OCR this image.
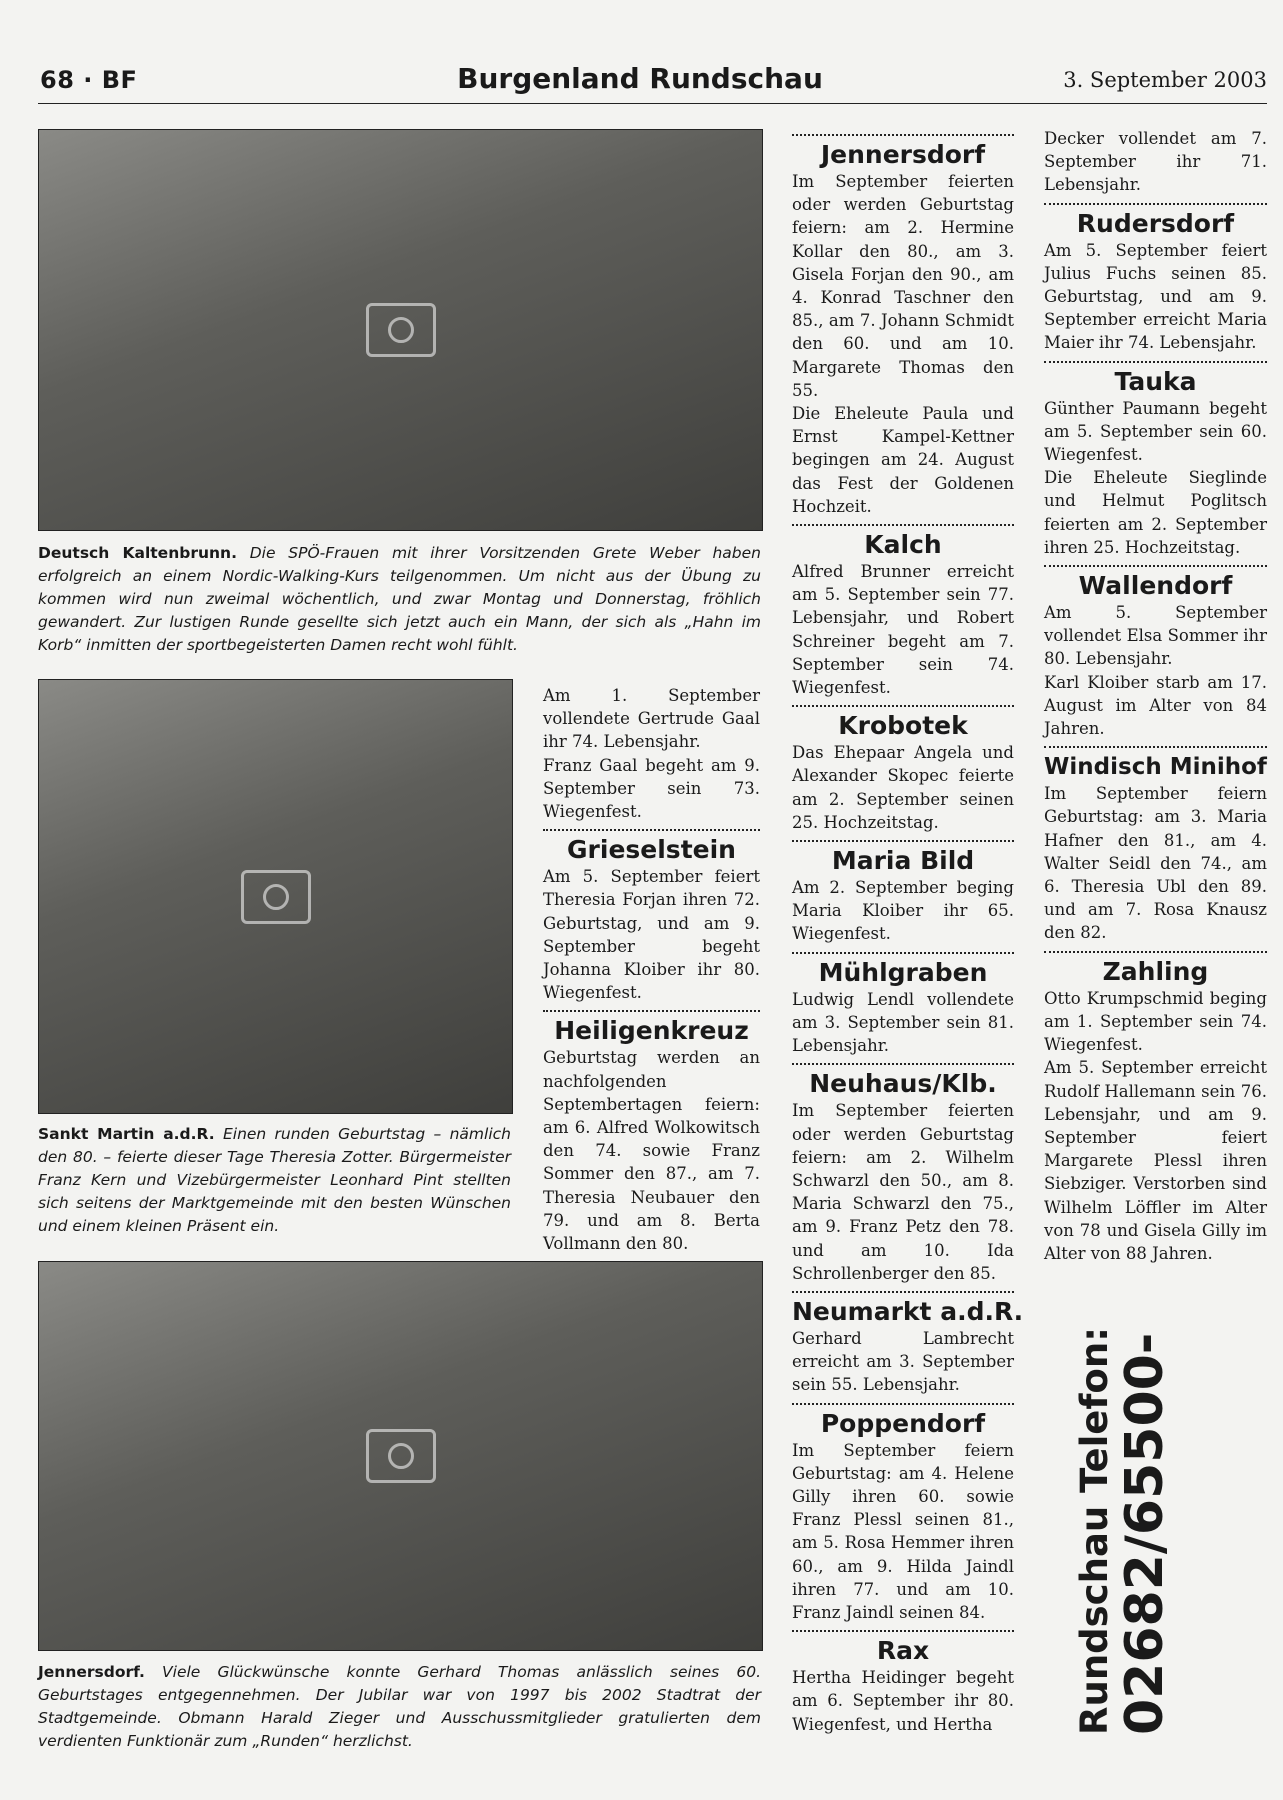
68 · BF	Burgenland Rundschau	3. September 2003
Deutsch Kaltenbrunn. Die SPÖ-Frauen mit ihrer Vorsitzenden Grete Weber haben erfolgreich an einem Nordic-Walking-Kurs teilgenommen. Um nicht aus der Übung zu kommen wird nun zweimal wöchentlich, und zwar Montag und Donnerstag, fröhlich gewandert. Zur lustigen Runde gesellte sich jetzt auch ein Mann, der sich als „Hahn im Korb“ inmitten der sportbegeisterten Damen recht wohl fühlt.
Sankt Martin a.d.R. Einen runden Geburtstag – nämlich den 80. – feierte dieser Tage Theresia Zotter. Bürgermeister Franz Kern und Vizebürgermeister Leonhard Pint stellten sich seitens der Marktgemeinde mit den besten Wünschen und einem kleinen Präsent ein.
Jennersdorf. Viele Glückwünsche konnte Gerhard Thomas anlässlich seines 60. Geburtstages entgegennehmen. Der Jubilar war von 1997 bis 2002 Stadtrat der Stadtgemeinde. Obmann Harald Zieger und Ausschussmitglieder gratulierten dem verdienten Funktionär zum „Runden“ herzlichst.

Am 1. September vollendete Gertrude Gaal ihr 74. Lebensjahr.

Franz Gaal begeht am 9. September sein 73. Wiegenfest.

Grieselstein

Am 5. September feiert Theresia Forjan ihren 72. Geburtstag, und am 9. September begeht Johanna Kloiber ihr 80. Wiegenfest.

Heiligenkreuz

Geburtstag werden an nachfolgenden Septembertagen feiern: am 6. Alfred Wolkowitsch den 74. sowie Franz Sommer den 87., am 7. Theresia Neubauer den 79. und am 8. Berta Vollmann den 80.

Jennersdorf

Im September feierten oder werden Geburtstag feiern: am 2. Hermine Kollar den 80., am 3. Gisela Forjan den 90., am 4. Konrad Taschner den 85., am 7. Johann Schmidt den 60. und am 10. Margarete Thomas den 55.

Die Eheleute Paula und Ernst Kampel-Kettner begingen am 24. August das Fest der Goldenen Hochzeit.

Kalch

Alfred Brunner erreicht am 5. September sein 77. Lebensjahr, und Robert Schreiner begeht am 7. September sein 74. Wiegenfest.

Krobotek

Das Ehepaar Angela und Alexander Skopec feierte am 2. September seinen 25. Hochzeitstag.

Maria Bild

Am 2. September beging Maria Kloiber ihr 65. Wiegenfest.

Mühlgraben

Ludwig Lendl vollendete am 3. September sein 81. Lebensjahr.

Neuhaus/Klb.

Im September feierten oder werden Geburtstag feiern: am 2. Wilhelm Schwarzl den 50., am 8. Maria Schwarzl den 75., am 9. Franz Petz den 78. und am 10. Ida Schrollenberger den 85.

Neumarkt a.d.R.

Gerhard Lambrecht erreicht am 3. September sein 55. Lebensjahr.

Poppendorf

Im September feiern Geburtstag: am 4. Helene Gilly ihren 60. sowie Franz Plessl seinen 81., am 5. Rosa Hemmer ihren 60., am 9. Hilda Jaindl ihren 77. und am 10. Franz Jaindl seinen 84.

Rax

Hertha Heidinger begeht am 6. September ihr 80. Wiegenfest, und Hertha

Decker vollendet am 7. September ihr 71. Lebensjahr.

Rudersdorf

Am 5. September feiert Julius Fuchs seinen 85. Geburtstag, und am 9. September erreicht Maria Maier ihr 74. Lebensjahr.

Tauka

Günther Paumann begeht am 5. September sein 60. Wiegenfest.

Die Eheleute Sieglinde und Helmut Poglitsch feierten am 2. September ihren 25. Hochzeitstag.

Wallendorf

Am 5. September vollendet Elsa Sommer ihr 80. Lebensjahr.

Karl Kloiber starb am 17. August im Alter von 84 Jahren.

Windisch Minihof

Im September feiern Geburtstag: am 3. Maria Hafner den 81., am 4. Walter Seidl den 74., am 6. Theresia Ubl den 89. und am 7. Rosa Knausz den 82.

Zahling

Otto Krumpschmid beging am 1. September sein 74. Wiegenfest.

Am 5. September erreicht Rudolf Hallemann sein 76. Lebensjahr, und am 9. September feiert Margarete Plessl ihren Siebziger. Verstorben sind Wilhelm Löffler im Alter von 78 und Gisela Gilly im Alter von 88 Jahren.

Rundschau Telefon: 02682/65500-
